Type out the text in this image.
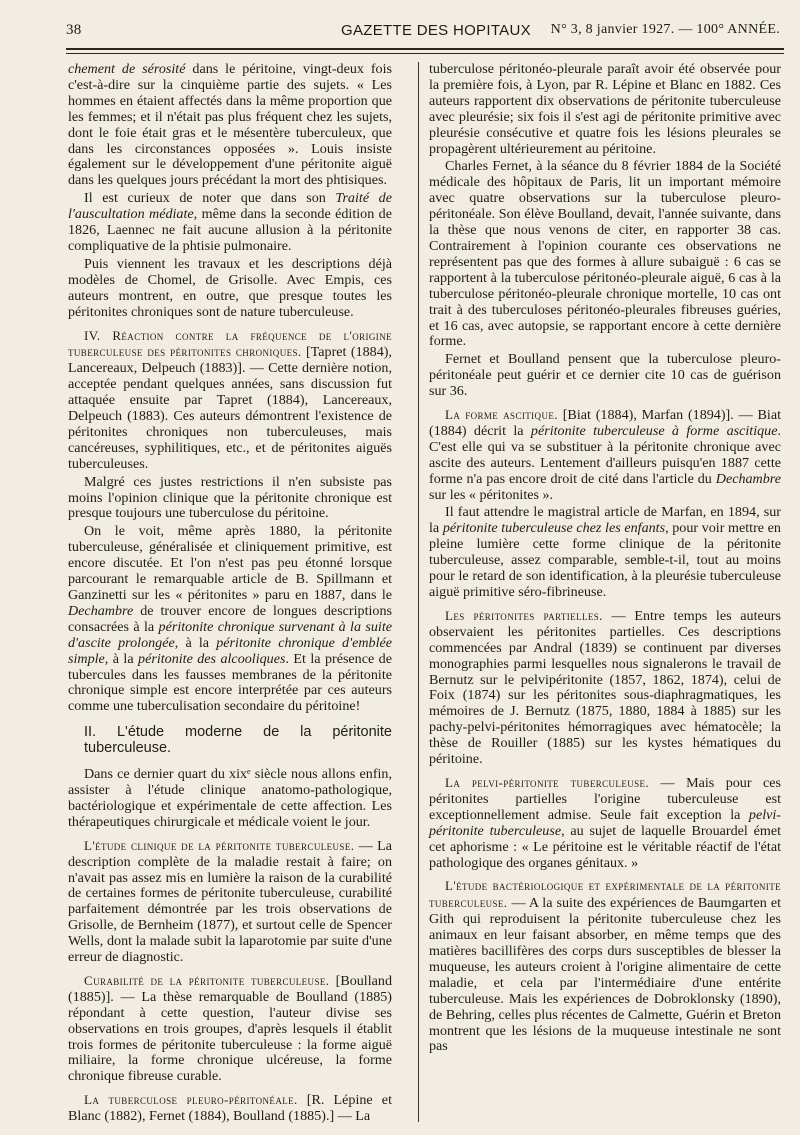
38	GAZETTE DES HOPITAUX N° 3, 8 janvier 1927. — 100° ANNÉE.

chement de sérosité dans le péritoine, vingt-deux fois c'est-à-dire sur la cinquième partie des sujets. « Les hommes en étaient affectés dans la même proportion que les femmes; et il n'était pas plus fréquent chez les sujets, dont le foie était gras et le mésentère tuberculeux, que dans les circonstances opposées ». Louis insiste également sur le développement d'une péritonite aiguë dans les quelques jours précédant la mort des phtisiques.

Il est curieux de noter que dans son Traité de l'auscultation médiate, même dans la seconde édition de 1826, Laennec ne fait aucune allusion à la péritonite compliquative de la phtisie pulmonaire.

Puis viennent les travaux et les descriptions déjà modèles de Chomel, de Grisolle. Avec Empis, ces auteurs montrent, en outre, que presque toutes les péritonites chroniques sont de nature tuberculeuse.

IV. Réaction contre la fréquence de l'origine tuberculeuse des péritonites chroniques. [Tapret (1884), Lancereaux, Delpeuch (1883)]. — Cette dernière notion, acceptée pendant quelques années, sans discussion fut attaquée ensuite par Tapret (1884), Lancereaux, Delpeuch (1883). Ces auteurs démontrent l'existence de péritonites chroniques non tuberculeuses, mais cancéreuses, syphilitiques, etc., et de péritonites aiguës tuberculeuses.

Malgré ces justes restrictions il n'en subsiste pas moins l'opinion clinique que la péritonite chronique est presque toujours une tuberculose du péritoine.

On le voit, même après 1880, la péritonite tuberculeuse, généralisée et cliniquement primitive, est encore discutée. Et l'on n'est pas peu étonné lorsque parcourant le remarquable article de B. Spillmann et Ganzinetti sur les « péritonites » paru en 1887, dans le Dechambre de trouver encore de longues descriptions consacrées à la péritonite chronique survenant à la suite d'ascite prolongée, à la péritonite chronique d'emblée simple, à la péritonite des alcooliques. Et la présence de tubercules dans les fausses membranes de la péritonite chronique simple est encore interprétée par ces auteurs comme une tuberculisation secondaire du péritoine!

II. L'étude moderne de la péritonite tuberculeuse.

Dans ce dernier quart du xixᵉ siècle nous allons enfin, assister à l'étude clinique anatomo-pathologique, bactériologique et expérimentale de cette affection. Les thérapeutiques chirurgicale et médicale voient le jour.

L'étude clinique de la péritonite tuberculeuse. — La description complète de la maladie restait à faire; on n'avait pas assez mis en lumière la raison de la curabilité de certaines formes de péritonite tuberculeuse, curabilité parfaitement démontrée par les trois observations de Grisolle, de Bernheim (1877), et surtout celle de Spencer Wells, dont la malade subit la laparotomie par suite d'une erreur de diagnostic.

Curabilité de la péritonite tuberculeuse. [Boulland (1885)]. — La thèse remarquable de Boulland (1885) répondant à cette question, l'auteur divise ses observations en trois groupes, d'après lesquels il établit trois formes de péritonite tuberculeuse : la forme aiguë miliaire, la forme chronique ulcéreuse, la forme chronique fibreuse curable.

La tuberculose pleuro-péritonéale. [R. Lépine et Blanc (1882), Fernet (1884), Boulland (1885).] — La

tuberculose péritonéo-pleurale paraît avoir été observée pour la première fois, à Lyon, par R. Lépine et Blanc en 1882. Ces auteurs rapportent dix observations de péritonite tuberculeuse avec pleurésie; six fois il s'est agi de péritonite primitive avec pleurésie consécutive et quatre fois les lésions pleurales se propagèrent ultérieurement au péritoine.

Charles Fernet, à la séance du 8 février 1884 de la Société médicale des hôpitaux de Paris, lit un important mémoire avec quatre observations sur la tuberculose pleuro-péritonéale. Son élève Boulland, devait, l'année suivante, dans la thèse que nous venons de citer, en rapporter 38 cas. Contrairement à l'opinion courante ces observations ne représentent pas que des formes à allure subaiguë : 6 cas se rapportent à la tuberculose péritonéo-pleurale aiguë, 6 cas à la tuberculose péritonéo-pleurale chronique mortelle, 10 cas ont trait à des tuberculoses péritonéo-pleurales fibreuses guéries, et 16 cas, avec autopsie, se rapportant encore à cette dernière forme.

Fernet et Boulland pensent que la tuberculose pleuro-péritonéale peut guérir et ce dernier cite 10 cas de guérison sur 36.

La forme ascitique. [Biat (1884), Marfan (1894)]. — Biat (1884) décrit la péritonite tuberculeuse à forme ascitique. C'est elle qui va se substituer à la péritonite chronique avec ascite des auteurs. Lentement d'ailleurs puisqu'en 1887 cette forme n'a pas encore droit de cité dans l'article du Dechambre sur les « péritonites ».

Il faut attendre le magistral article de Marfan, en 1894, sur la péritonite tuberculeuse chez les enfants, pour voir mettre en pleine lumière cette forme clinique de la péritonite tuberculeuse, assez comparable, semble-t-il, tout au moins pour le retard de son identification, à la pleurésie tuberculeuse aiguë primitive séro-fibrineuse.

Les péritonites partielles. — Entre temps les auteurs observaient les péritonites partielles. Ces descriptions commencées par Andral (1839) se continuent par diverses monographies parmi lesquelles nous signalerons le travail de Bernutz sur le pelvipéritonite (1857, 1862, 1874), celui de Foix (1874) sur les péritonites sous-diaphragmatiques, les mémoires de J. Bernutz (1875, 1880, 1884 à 1885) sur les pachy-pelvi-péritonites hémorragiques avec hématocèle; la thèse de Rouiller (1885) sur les kystes hématiques du péritoine.

La pelvi-péritonite tuberculeuse. — Mais pour ces péritonites partielles l'origine tuberculeuse est exceptionnellement admise. Seule fait exception la pelvi-péritonite tuberculeuse, au sujet de laquelle Brouardel émet cet aphorisme : « Le péritoine est le véritable réactif de l'état pathologique des organes génitaux. »

L'étude bactériologique et expérimentale de la péritonite tuberculeuse. — A la suite des expériences de Baumgarten et Gith qui reproduisent la péritonite tuberculeuse chez les animaux en leur faisant absorber, en même temps que des matières bacillifères des corps durs susceptibles de blesser la muqueuse, les auteurs croient à l'origine alimentaire de cette maladie, et cela par l'intermédiaire d'une entérite tuberculeuse. Mais les expériences de Dobroklonsky (1890), de Behring, celles plus récentes de Calmette, Guérin et Breton montrent que les lésions de la muqueuse intestinale ne sont pas
